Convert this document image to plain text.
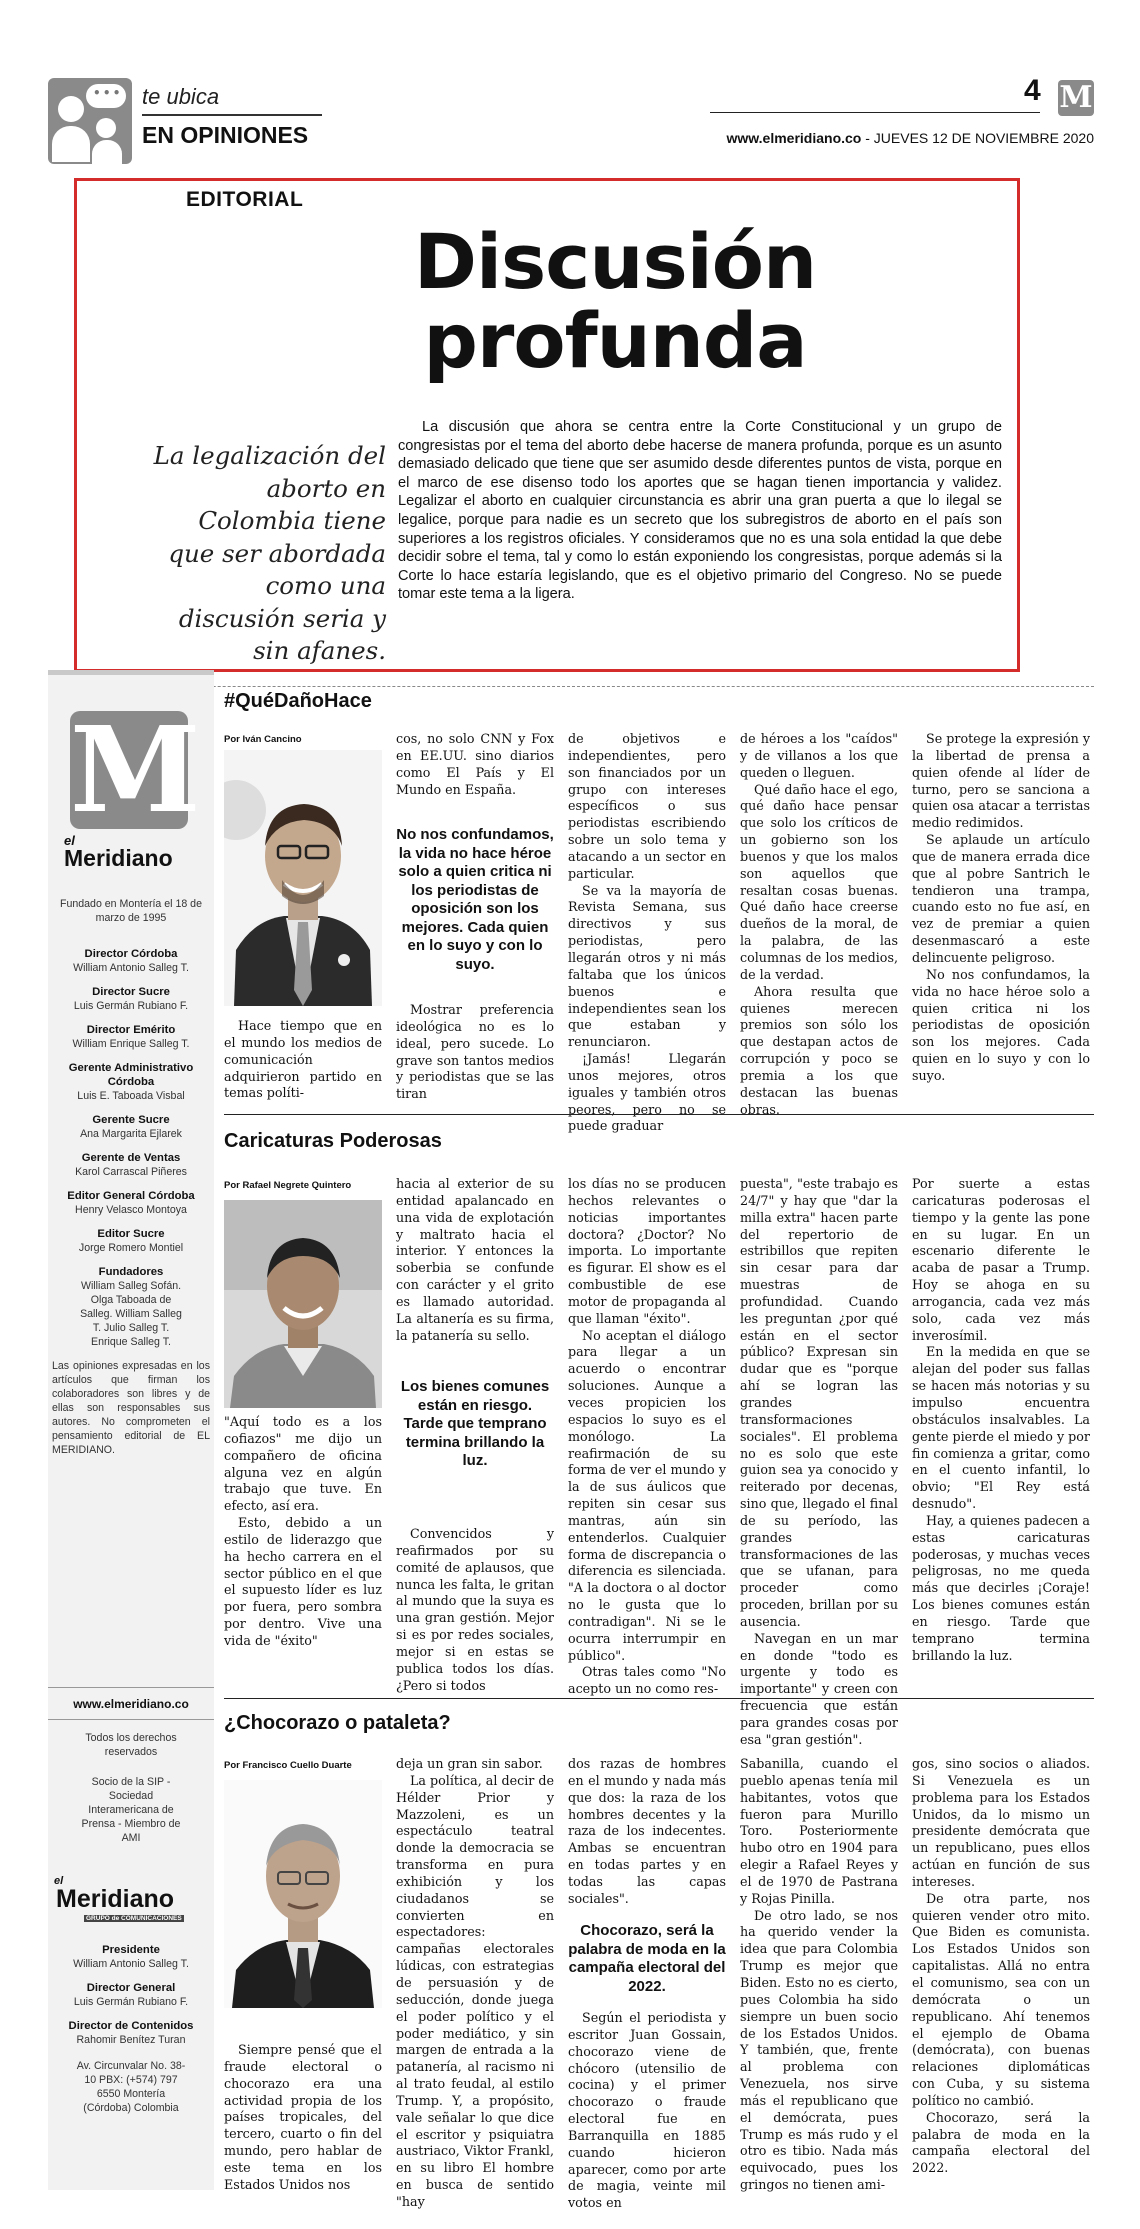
• • •
te ubica
EN OPINIONES
4 M
www.elmeridiano.co - JUEVES 12 DE NOVIEMBRE 2020
EDITORIAL
Discusión profunda
La legalización del aborto en Colombia tiene que ser abordada como una discusión seria y sin afanes.
La discusión que ahora se centra entre la Corte Constitucional y un grupo de congresistas por el tema del aborto debe hacerse de manera profunda, porque es un asunto demasiado delicado que tiene que ser asumido desde diferentes puntos de vista, porque en el marco de ese disenso todo los aportes que se hagan tienen importancia y validez. Legalizar el aborto en cualquier circunstancia es abrir una gran puerta a que lo ilegal se legalice, porque para nadie es un secreto que los subregistros de aborto en el país son superiores a los registros oficiales. Y consideramos que no es una sola entidad la que debe decidir sobre el tema, tal y como lo están exponiendo los congresistas, porque además si la Corte lo hace estaría legislando, que es el objetivo primario del Congreso. No se puede tomar este tema a la ligera.
M
el
Meridiano
Fundado en Montería el 18 de marzo de 1995
Director Córdoba
William Antonio Salleg T.
Director Sucre
Luis Germán Rubiano F.
Director Emérito
William Enrique Salleg T.
Gerente Administrativo Córdoba
Luis E. Taboada Visbal
Gerente Sucre
Ana Margarita Ejlarek
Gerente de Ventas
Karol Carrascal Piñeres
Editor General Córdoba
Henry Velasco Montoya
Editor Sucre
Jorge Romero Montiel
Fundadores
William Salleg Sofán. Olga Taboada de Salleg. William Salleg T. Julio Salleg T. Enrique Salleg T.
Las opiniones expresadas en los artículos que firman los colaboradores son libres y de ellas son responsables sus autores. No comprometen el pensamiento editorial de EL MERIDIANO.
www.elmeridiano.co
Todos los derechos reservados
Socio de la SIP - Sociedad Interamericana de Prensa - Miembro de AMI
el
Meridiano
GRUPO de COMUNICACIONES
Presidente
William Antonio Salleg T.
Director General
Luis Germán Rubiano F.
Director de Contenidos
Rahomir Benítez Turan
Av. Circunvalar No. 38-10 PBX: (+574) 797 6550 Montería (Córdoba) Colombia
#QuéDañoHace
Por Iván Cancino
No nos confundamos, la vida no hace héroe solo a quien critica ni los periodistas de oposición son los mejores. Cada quien en lo suyo y con lo suyo.

Hace tiempo que en el mundo los medios de comunicación adquirieron partido en temas políti-

cos, no solo CNN y Fox en EE.UU. sino diarios como El País y El Mundo en España.

Mostrar preferencia ideológica no es lo ideal, pero sucede. Lo grave son tantos medios y periodistas que se las tiran

de objetivos e independientes, pero son financiados por un grupo con intereses específicos o sus periodistas escribiendo sobre un solo tema y atacando a un sector en particular.

Se va la mayoría de Revista Semana, sus directivos y sus periodistas, pero llegarán otros y ni más faltaba que los únicos buenos e independientes sean los que estaban y renunciaron.

¡Jamás! Llegarán unos mejores, otros iguales y también otros peores, pero no se puede graduar

de héroes a los "caídos" y de villanos a los que queden o lleguen.

Qué daño hace el ego, qué daño hace pensar que solo los críticos de un gobierno son los buenos y que los malos son aquellos que resaltan cosas buenas. Qué daño hace creerse dueños de la moral, de la palabra, de las columnas de los medios, de la verdad.

Ahora resulta que quienes merecen premios son sólo los que destapan actos de corrupción y poco se premia a los que destacan las buenas obras.

Se protege la expresión y la libertad de prensa a quien ofende al líder de turno, pero se sanciona a quien osa atacar a terristas medio redimidos.

Se aplaude un artículo que de manera errada dice que al pobre Santrich le tendieron una trampa, cuando esto no fue así, en vez de premiar a quien desenmascaró a este delincuente peligroso.

No nos confundamos, la vida no hace héroe solo a quien critica ni los periodistas de oposición son los mejores. Cada quien en lo suyo y con lo suyo.

Caricaturas Poderosas
Por Rafael Negrete Quintero
Los bienes comunes están en riesgo. Tarde que temprano termina brillando la luz.

"Aquí todo es a los cofiazos" me dijo un compañero de oficina alguna vez en algún trabajo que tuve. En efecto, así era.

Esto, debido a un estilo de liderazgo que ha hecho carrera en el sector público en el que el supuesto líder es luz por fuera, pero sombra por dentro. Vive una vida de "éxito"

hacia al exterior de su entidad apalancado en una vida de explotación y maltrato hacia el interior. Y entonces la soberbia se confunde con carácter y el grito es llamado autoridad. La altanería es su firma, la patanería su sello.

Convencidos y reafirmados por su comité de aplausos, que nunca les falta, le gritan al mundo que la suya es una gran gestión. Mejor si es por redes sociales, mejor si en estas se publica todos los días. ¿Pero si todos

los días no se producen hechos relevantes o noticias importantes doctora? ¿Doctor? No importa. Lo importante es figurar. El show es el combustible de ese motor de propaganda al que llaman "éxito".

No aceptan el diálogo para llegar a un acuerdo o encontrar soluciones. Aunque a veces propicien los espacios lo suyo es el monólogo. La reafirmación de su forma de ver el mundo y la de sus áulicos que repiten sin cesar sus mantras, aún sin entenderlos. Cualquier forma de discrepancia o diferencia es silenciada. "A la doctora o al doctor no le gusta que lo contradigan". Ni se le ocurra interrumpir en público".

Otras tales como "No acepto un no como res-

puesta", "este trabajo es 24/7" y hay que "dar la milla extra" hacen parte del repertorio de estribillos que repiten sin cesar para dar muestras de profundidad. Cuando les preguntan ¿por qué están en el sector público? Expresan sin dudar que es "porque ahí se logran las grandes transformaciones sociales". El problema no es solo que este guion sea ya conocido y reiterado por decenas, sino que, llegado el final de su período, las grandes transformaciones de las que se ufanan, para proceder como proceden, brillan por su ausencia.

Navegan en un mar en donde "todo es urgente y todo es importante" y creen con frecuencia que están para grandes cosas por esa "gran gestión".

Por suerte a estas caricaturas poderosas el tiempo y la gente las pone en su lugar. En un escenario diferente le acaba de pasar a Trump. Hoy se ahoga en su arrogancia, cada vez más solo, cada vez más inverosímil.

En la medida en que se alejan del poder sus fallas se hacen más notorias y su impulso encuentra obstáculos insalvables. La gente pierde el miedo y por fin comienza a gritar, como en el cuento infantil, lo obvio; "El Rey está desnudo".

Hay, a quienes padecen a estas caricaturas poderosas, y muchas veces peligrosas, no me queda más que decirles ¡Coraje! Los bienes comunes están en riesgo. Tarde que temprano termina brillando la luz.

¿Chocorazo o pataleta?
Por Francisco Cuello Duarte
Chocorazo, será la palabra de moda en la campaña electoral del 2022.

Siempre pensé que el fraude electoral o chocorazo era una actividad propia de los países tropicales, del tercero, cuarto o fin del mundo, pero hablar de este tema en los Estados Unidos nos

deja un gran sin sabor.

La política, al decir de Hélder Prior y Mazzoleni, es un espectáculo teatral donde la democracia se transforma en pura exhibición y los ciudadanos se convierten en espectadores: campañas electorales lúdicas, con estrategias de persuasión y de seducción, donde juega el poder político y el poder mediático, y sin margen de entrada a la patanería, al racismo ni al trato feudal, al estilo Trump. Y, a propósito, vale señalar lo que dice el escritor y psiquiatra austriaco, Viktor Frankl, en su libro El hombre en busca de sentido "hay

dos razas de hombres en el mundo y nada más que dos: la raza de los hombres decentes y la raza de los indecentes. Ambas se encuentran en todas partes y en todas las capas sociales".

Según el periodista y escritor Juan Gossain, chocorazo viene de chócoro (utensilio de cocina) y el primer chocorazo o fraude electoral fue en Barranquilla en 1885 cuando hicieron aparecer, como por arte de magia, veinte mil votos en

Sabanilla, cuando el pueblo apenas tenía mil habitantes, votos que fueron para Murillo Toro. Posteriormente hubo otro en 1904 para elegir a Rafael Reyes y el de 1970 de Pastrana y Rojas Pinilla.

De otro lado, se nos ha querido vender la idea que para Colombia Trump es mejor que Biden. Esto no es cierto, pues Colombia ha sido siempre un buen socio de los Estados Unidos. Y también, que, frente al problema con Venezuela, nos sirve más el republicano que el demócrata, pues Trump es más rudo y el otro es tibio. Nada más equivocado, pues los gringos no tienen ami-

gos, sino socios o aliados. Si Venezuela es un problema para los Estados Unidos, da lo mismo un presidente demócrata que un republicano, pues ellos actúan en función de sus intereses.

De otra parte, nos quieren vender otro mito. Que Biden es comunista. Los Estados Unidos son capitalistas. Allá no entra el comunismo, sea con un demócrata o un republicano. Ahí tenemos el ejemplo de Obama (demócrata), con buenas relaciones diplomáticas con Cuba, y su sistema político no cambió.

Chocorazo, será la palabra de moda en la campaña electoral del 2022.
